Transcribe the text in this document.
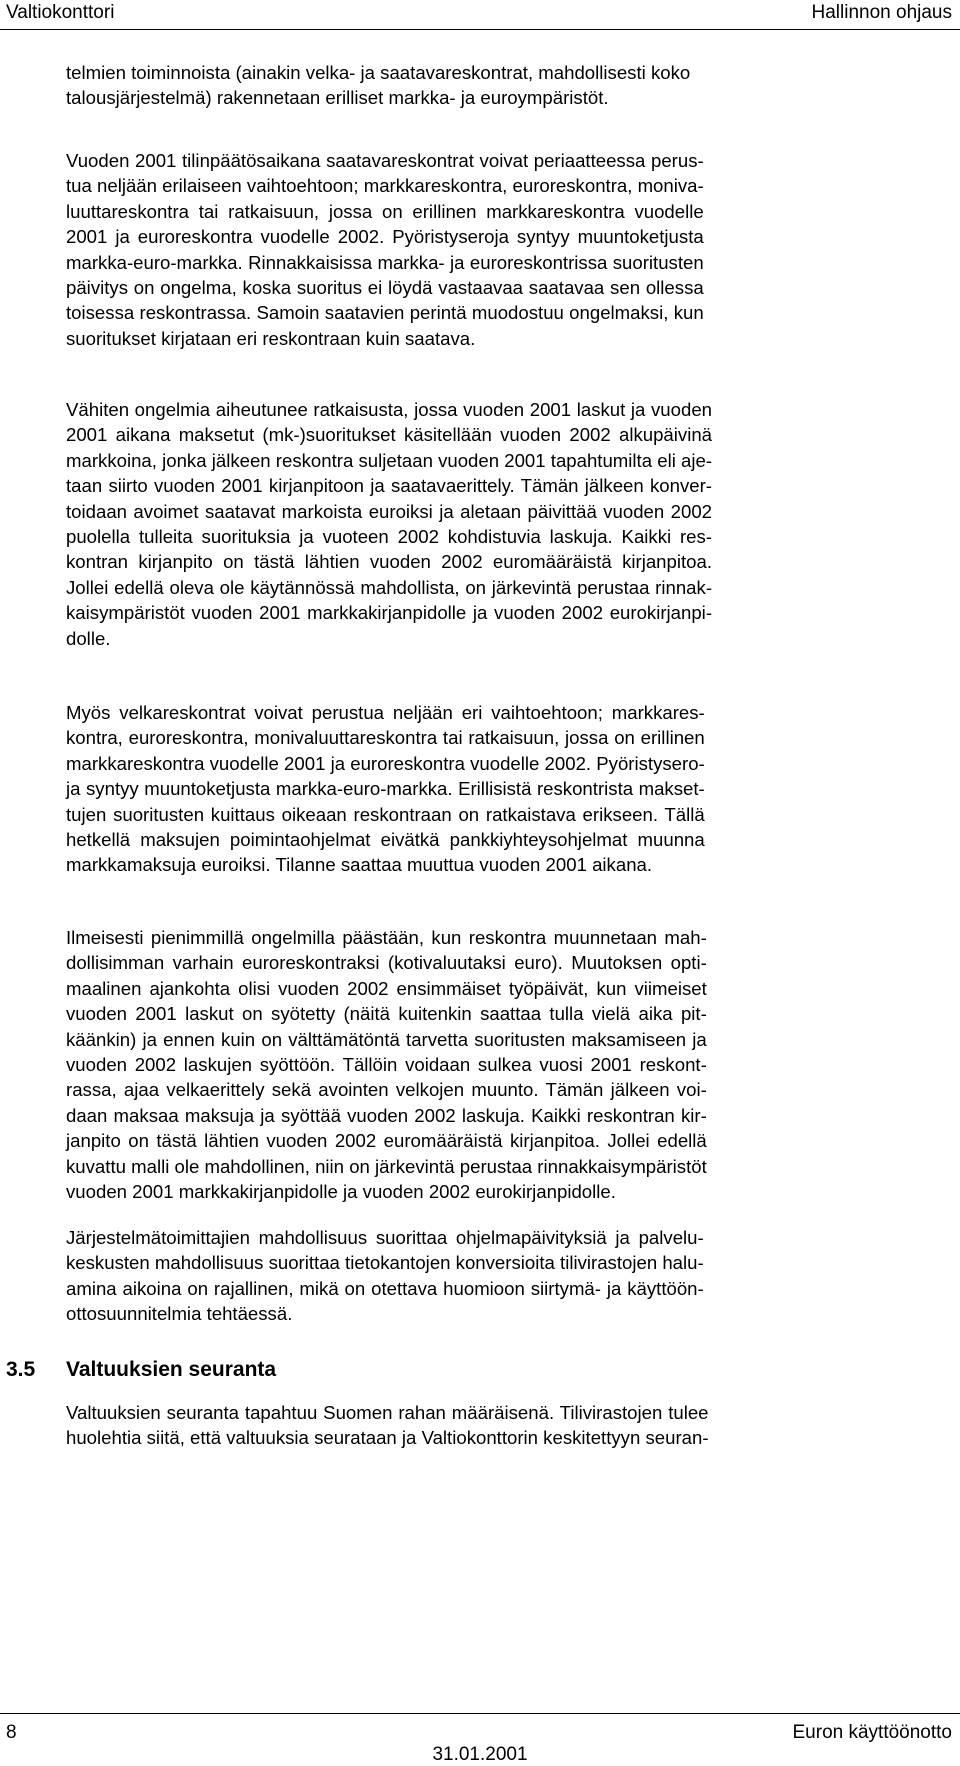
Valtiokonttori	Hallinnon ohjaus
telmien toiminnoista (ainakin velka- ja saatavareskontrat, mahdollisesti koko
talousjärjestelmä) rakennetaan erilliset markka- ja euroympäristöt.
Vuoden 2001 tilinpäätösaikana saatavareskontrat voivat periaatteessa perus-
tua neljään erilaiseen vaihtoehtoon; markkareskontra, euroreskontra, moniva-
luuttareskontra tai ratkaisuun, jossa on erillinen markkareskontra vuodelle
2001 ja euroreskontra vuodelle 2002. Pyöristyseroja syntyy muuntoketjusta
markka-euro-markka. Rinnakkaisissa markka- ja euroreskontrissa suoritusten
päivitys on ongelma, koska suoritus ei löydä vastaavaa saatavaa sen ollessa
toisessa reskontrassa. Samoin saatavien perintä muodostuu ongelmaksi, kun
suoritukset kirjataan eri reskontraan kuin saatava.
Vähiten ongelmia aiheutunee ratkaisusta, jossa vuoden 2001 laskut ja vuoden
2001 aikana maksetut (mk-)suoritukset käsitellään vuoden 2002 alkupäivinä
markkoina, jonka jälkeen reskontra suljetaan vuoden 2001 tapahtumilta eli aje-
taan siirto vuoden 2001 kirjanpitoon ja saatavaerittely. Tämän jälkeen konver-
toidaan avoimet saatavat markoista euroiksi ja aletaan päivittää vuoden 2002
puolella tulleita suorituksia ja vuoteen 2002 kohdistuvia laskuja. Kaikki res-
kontran kirjanpito on tästä lähtien vuoden 2002 euromääräistä kirjanpitoa.
Jollei edellä oleva ole käytännössä mahdollista, on järkevintä perustaa rinnak-
kaisympäristöt vuoden 2001 markkakirjanpidolle ja vuoden 2002 eurokirjanpi-
dolle.
Myös velkareskontrat voivat perustua neljään eri vaihtoehtoon; markkares-
kontra, euroreskontra, monivaluuttareskontra tai ratkaisuun, jossa on erillinen
markkareskontra vuodelle 2001 ja euroreskontra vuodelle 2002. Pyöristysero-
ja syntyy muuntoketjusta markka-euro-markka. Erillisistä reskontrista makset-
tujen suoritusten kuittaus oikeaan reskontraan on ratkaistava erikseen. Tällä
hetkellä maksujen poimintaohjelmat eivätkä pankkiyhteysohjelmat muunna
markkamaksuja euroiksi. Tilanne saattaa muuttua vuoden 2001 aikana.
Ilmeisesti pienimmillä ongelmilla päästään, kun reskontra muunnetaan mah-
dollisimman varhain euroreskontraksi (kotivaluutaksi euro). Muutoksen opti-
maalinen ajankohta olisi vuoden 2002 ensimmäiset työpäivät, kun viimeiset
vuoden 2001 laskut on syötetty (näitä kuitenkin saattaa tulla vielä aika pit-
käänkin) ja ennen kuin on välttämätöntä tarvetta suoritusten maksamiseen ja
vuoden 2002 laskujen syöttöön. Tällöin voidaan sulkea vuosi 2001 reskont-
rassa, ajaa velkaerittely sekä avointen velkojen muunto. Tämän jälkeen voi-
daan maksaa maksuja ja syöttää vuoden 2002 laskuja. Kaikki reskontran kir-
janpito on tästä lähtien vuoden 2002 euromääräistä kirjanpitoa. Jollei edellä
kuvattu malli ole mahdollinen, niin on järkevintä perustaa rinnakkaisympäristöt
vuoden 2001 markkakirjanpidolle ja vuoden 2002 eurokirjanpidolle.
Järjestelmätoimittajien mahdollisuus suorittaa ohjelmapäivityksiä ja palvelu-
keskusten mahdollisuus suorittaa tietokantojen konversioita tilivirastojen halu-
amina aikoina on rajallinen, mikä on otettava huomioon siirtymä- ja käyttöön-
ottosuunnitelmia tehtäessä.
Valtuuksien seuranta tapahtuu Suomen rahan määräisenä. Tilivirastojen tulee
huolehtia siitä, että valtuuksia seurataan ja Valtiokonttorin keskitettyyn seuran-
3.5 Valtuuksien seuranta
8	Euron käyttöönotto
31.01.2001
